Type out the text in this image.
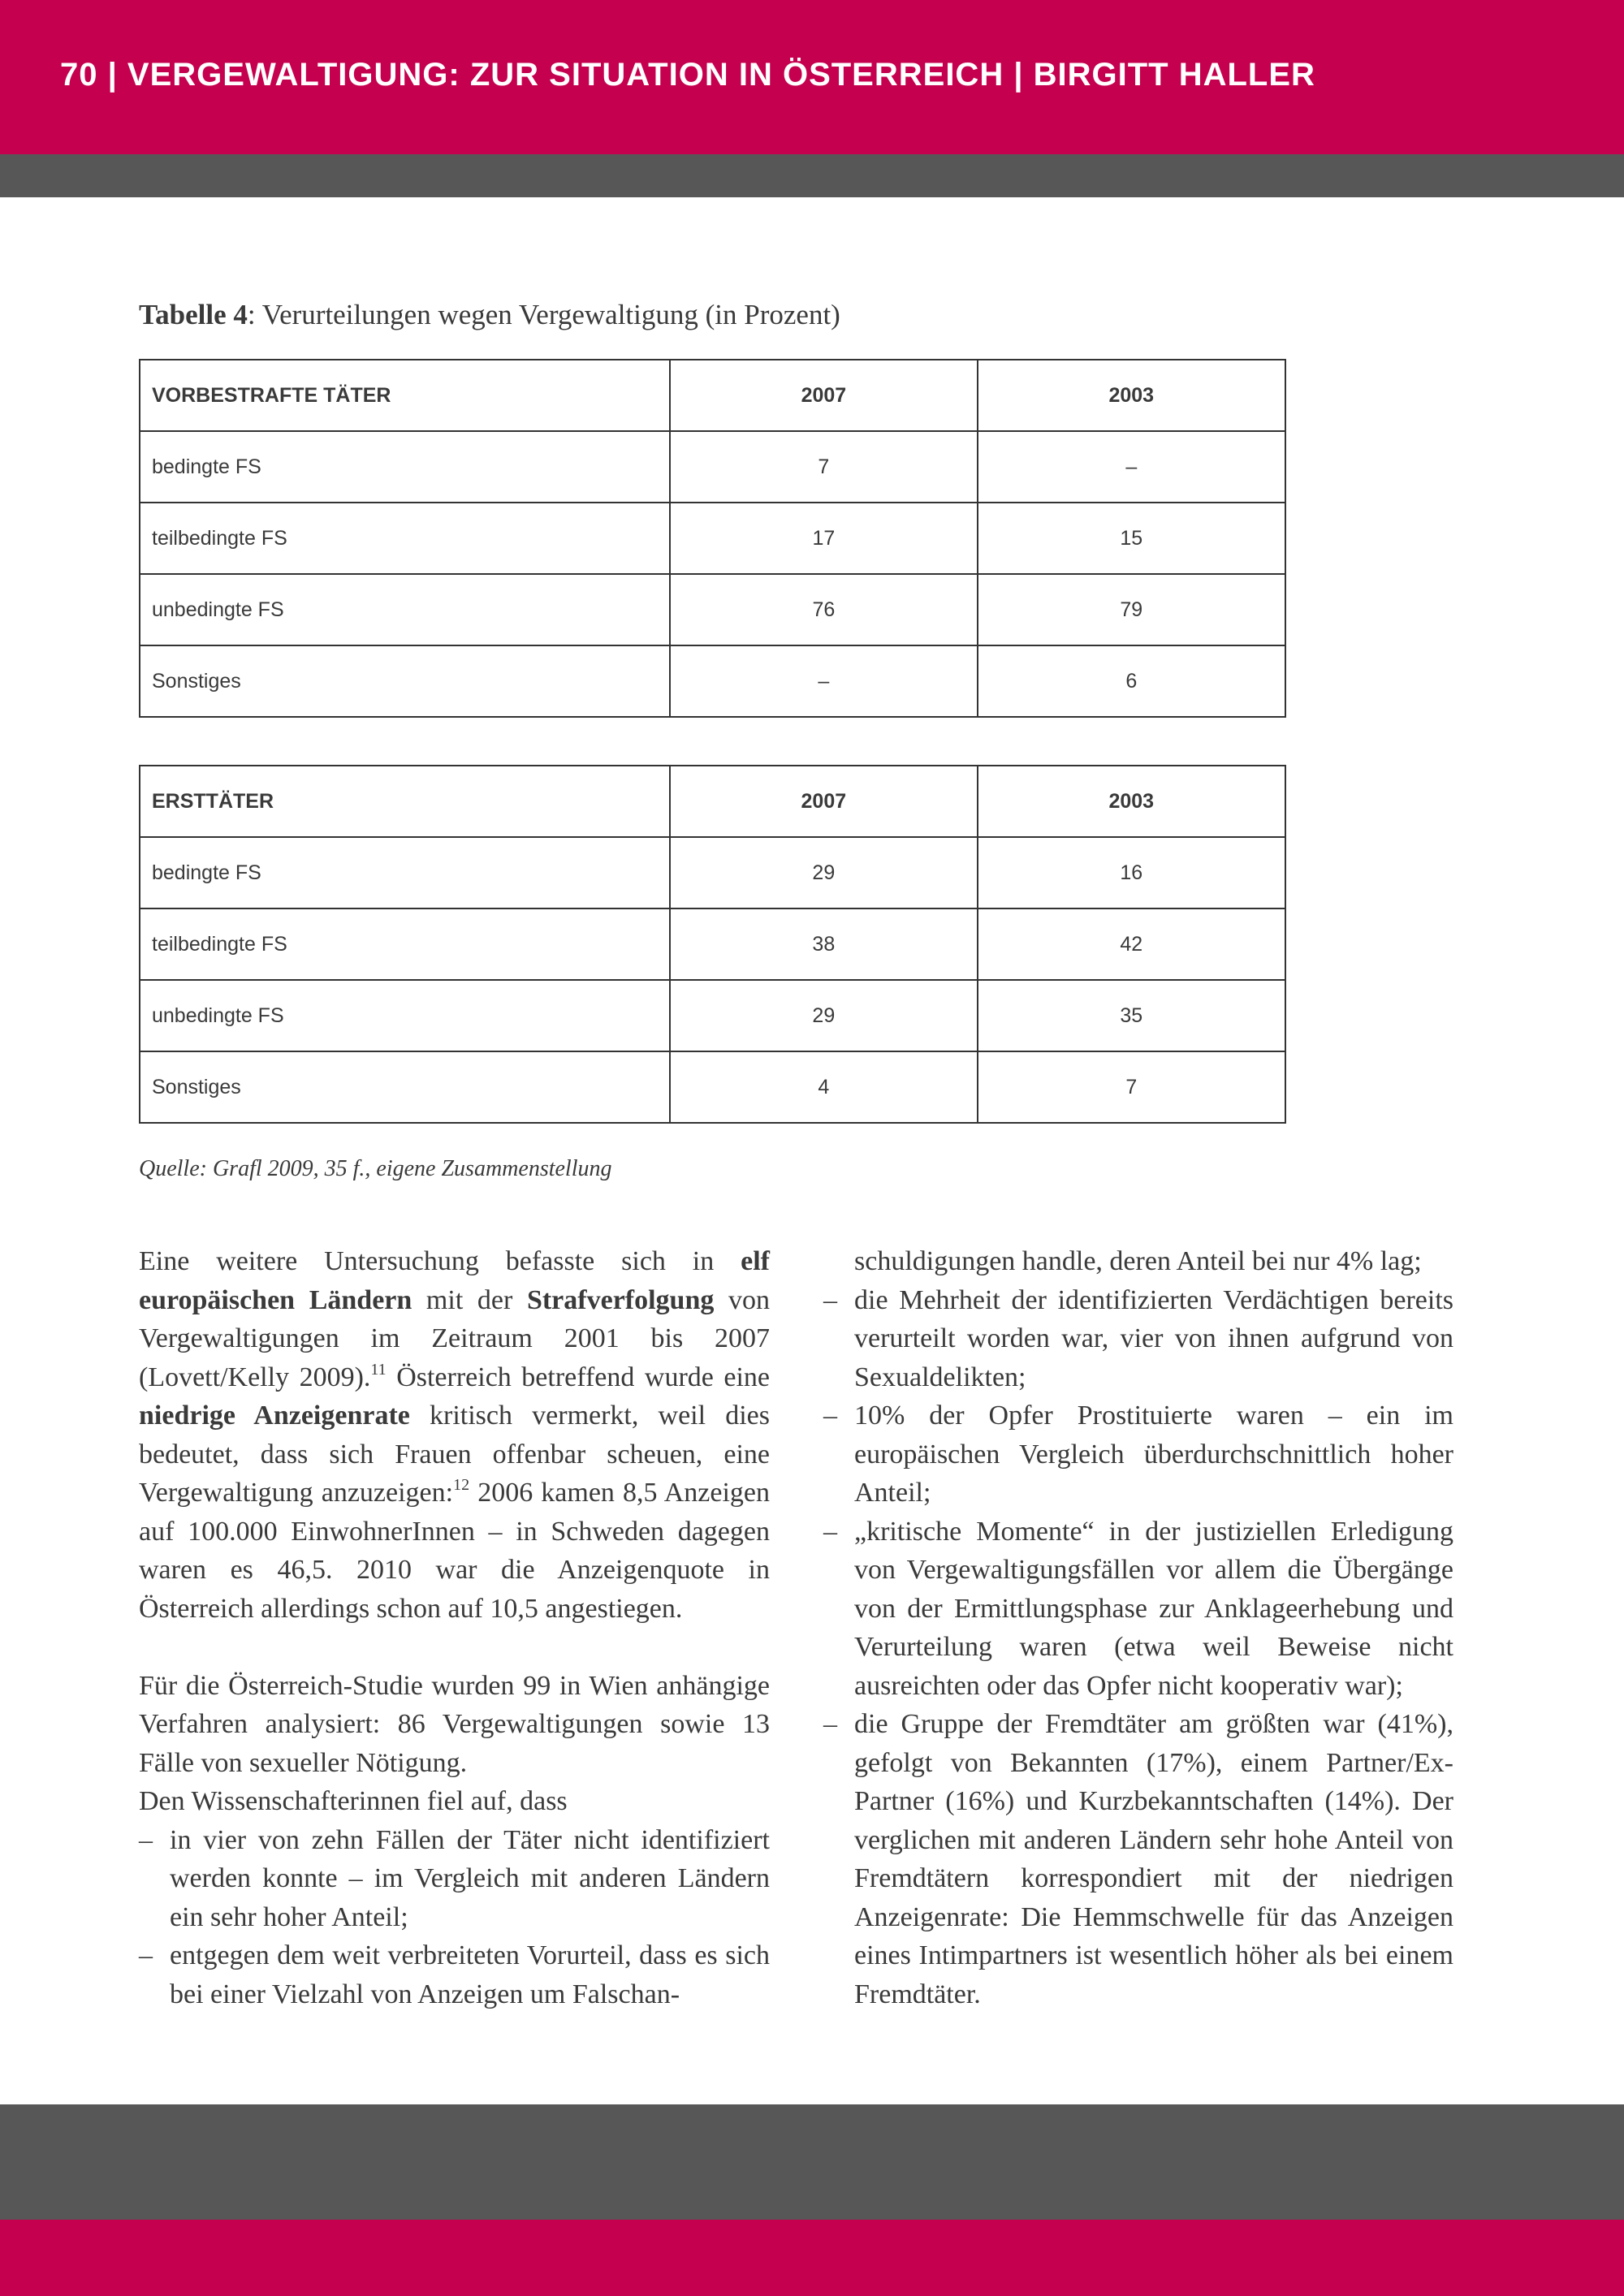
70 | VERGEWALTIGUNG: ZUR SITUATION IN ÖSTERREICH | BIRGITT HALLER
Tabelle 4: Verurteilungen wegen Vergewaltigung (in Prozent)
VORBESTRAFTE TÄTER	2007	2003
bedingte FS	7	–
teilbedingte FS	17	15
unbedingte FS	76	79
Sonstiges	–	6
ERSTTÄTER	2007	2003
bedingte FS	29	16
teilbedingte FS	38	42
unbedingte FS	29	35
Sonstiges	4	7
Quelle: Grafl 2009, 35 f., eigene Zusammenstellung

Eine weitere Untersuchung befasste sich in elf europäischen Ländern mit der Strafverfolgung von Vergewaltigungen im Zeitraum 2001 bis 2007 (Lovett/Kelly 2009).$^{11}$ Österreich betreffend wurde eine niedrige Anzeigenrate kritisch vermerkt, weil dies bedeutet, dass sich Frauen offenbar scheuen, eine Vergewaltigung anzuzeigen:$^{12}$ 2006 kamen 8,5 Anzeigen auf 100.000 EinwohnerInnen – in Schweden dagegen waren es 46,5. 2010 war die Anzeigenquote in Österreich allerdings schon auf 10,5 angestiegen.

Für die Österreich-Studie wurden 99 in Wien anhängige Verfahren analysiert: 86 Vergewaltigungen sowie 13 Fälle von sexueller Nötigung.

Den Wissenschafterinnen fiel auf, dass

– in vier von zehn Fällen der Täter nicht identifiziert werden konnte – im Vergleich mit anderen Ländern ein sehr hoher Anteil;
– entgegen dem weit verbreiteten Vorurteil, dass es sich bei einer Vielzahl von Anzeigen um Falschan-

schuldigungen handle, deren Anteil bei nur 4% lag;

– die Mehrheit der identifizierten Verdächtigen bereits verurteilt worden war, vier von ihnen aufgrund von Sexualdelikten;
– 10% der Opfer Prostituierte waren – ein im europäischen Vergleich überdurchschnittlich hoher Anteil;
– „kritische Momente“ in der justiziellen Erledigung von Vergewaltigungsfällen vor allem die Übergänge von der Ermittlungsphase zur Anklageerhebung und Verurteilung waren (etwa weil Beweise nicht ausreichten oder das Opfer nicht kooperativ war);
– die Gruppe der Fremdtäter am größten war (41%), gefolgt von Bekannten (17%), einem Partner/Ex-Partner (16%) und Kurzbekanntschaften (14%). Der verglichen mit anderen Ländern sehr hohe Anteil von Fremdtätern korrespondiert mit der niedrigen Anzeigenrate: Die Hemmschwelle für das Anzeigen eines Intimpartners ist wesentlich höher als bei einem Fremdtäter.
